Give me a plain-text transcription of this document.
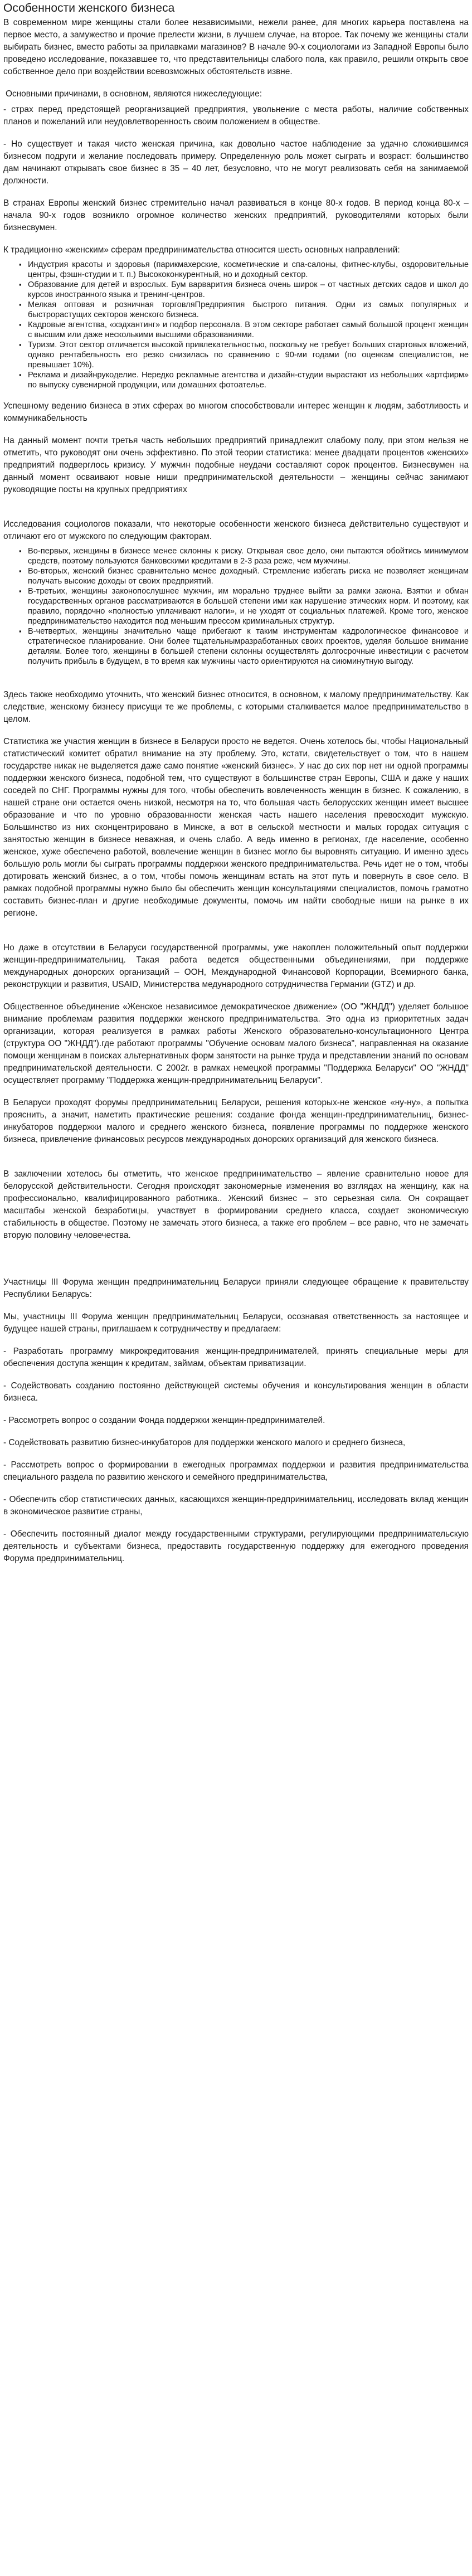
Особенности женского бизнеса

В современном мире женщины стали более независимыми, нежели ранее, для многих карьера поставлена на первое место, а замужество и прочие прелести жизни, в лучшем случае, на второе. Так почему же женщины стали выбирать бизнес, вместо работы за прилавками магазинов? В начале 90-х социологами из Западной Европы было проведено исследование, показавшее то, что представительницы слабого пола, как правило, решили открыть свое собственное дело при воздействии всевозможных обстоятельств извне.

Основными причинами, в основном, являются нижеследующие:

- страх перед предстоящей реорганизацией предприятия, увольнение с места работы, наличие собственных планов и пожеланий или неудовлетворенность своим положением в обществе.

- Но существует и такая чисто женская причина, как довольно частое наблюдение за удачно сложившимся бизнесом подруги и желание последовать примеру. Определенную роль может сыграть и возраст: большинство дам начинают открывать свое бизнес в 35 – 40 лет, безусловно, что не могут реализовать себя на занимаемой должности.

В странах Европы женский бизнес стремительно начал развиваться в конце 80-х годов. В период конца 80-х – начала 90-х годов возникло огромное количество женских предприятий, руководителями которых были бизнесвумен.

К традиционно «женским» сферам предпринимательства относится шесть основных направлений:

▪ Индустрия красоты и здоровья (парикмахерские, косметические и спа-салоны, фитнес-клубы, оздоровительные центры, фэшн-студии и т. п.) Высококонкурентный, но и доходный сектор.
▪ Образование для детей и взрослых. Бум варварития бизнеса очень широк – от частных детских садов и школ до курсов иностранного языка и тренинг-центров.
▪ Мелкая оптовая и розничная торговляПредприятия быстрого питания. Одни из самых популярных и быстрорастущих секторов женского бизнеса.
▪ Кадровые агентства, «хэдхантинг» и подбор персонала. В этом секторе работает самый большой процент женщин с высшим или даже несколькими высшими образованиями.
▪ Туризм. Этот сектор отличается высокой привлекательностью, поскольку не требует больших стартовых вложений, однако рентабельность его резко снизилась по сравнению с 90-ми годами (по оценкам специалистов, не превышает 10%).
▪ Реклама и дизайнрукоделие. Нередко рекламные агентства и дизайн-студии вырастают из небольших «артфирм» по выпуску сувенирной продукции, или домашних фотоателье.

Успешному ведению бизнеса в этих сферах во многом способствовали интерес женщин к людям, заботливость и коммуникабельность

На данный момент почти третья часть небольших предприятий принадлежит слабому полу, при этом нельзя не отметить, что руководят они очень эффективно. По этой теории статистика: менее двадцати процентов «женских» предприятий подверглось кризису. У мужчин подобные неудачи составляют сорок процентов. Бизнесвумен на данный момент осваивают новые ниши предпринимательской деятельности – женщины сейчас занимают руководящие посты на крупных предприятиях

Исследования социологов показали, что некоторые особенности женского бизнеса действительно существуют и отличают его от мужского по следующим факторам.

▪ Во-первых, женщины в бизнесе менее склонны к риску. Открывая свое дело, они пытаются обойтись минимумом средств, поэтому пользуются банковскими кредитами в 2-3 раза реже, чем мужчины.
▪ Во-вторых, женский бизнес сравнительно менее доходный. Стремление избегать риска не позволяет женщинам получать высокие доходы от своих предприятий.
▪ В-третьих, женщины законопослушнее мужчин, им морально труднее выйти за рамки закона. Взятки и обман государственных органов рассматриваются в большей степени ими как нарушение этических норм. И поэтому, как правило, порядочно «полностью уплачивают налоги», и не уходят от социальных платежей. Кроме того, женское предпринимательство находится под меньшим прессом криминальных структур.
▪ В-четвертых, женщины значительно чаще прибегают к таким инструментам кадрологическое финансовое и стратегическое планирование. Они более тщательнымразработанных своих проектов, уделяя большое внимание деталям. Более того, женщины в большей степени склонны осуществлять долгосрочные инвестиции с расчетом получить прибыль в будущем, в то время как мужчины часто ориентируются на сиюминутную выгоду.

Здесь также необходимо уточнить, что женский бизнес относится, в основном, к малому предпринимательству. Как следствие, женскому бизнесу присущи те же проблемы, с которыми сталкивается малое предпринимательство в целом.

Статистика же участия женщин в бизнесе в Беларуси просто не ведется. Очень хотелось бы, чтобы Национальный статистический комитет обратил внимание на эту проблему. Это, кстати, свидетельствует о том, что в нашем государстве никак не выделяется даже само понятие «женский бизнес». У нас до сих пор нет ни одной программы поддержки женского бизнеса, подобной тем, что существуют в большинстве стран Европы, США и даже у наших соседей по СНГ. Программы нужны для того, чтобы обеспечить вовлеченность женщин в бизнес. К сожалению, в нашей стране они остается очень низкой, несмотря на то, что большая часть белорусских женщин имеет высшее образование и что по уровню образованности женская часть нашего населения превосходит мужскую. Большинство из них сконцентрировано в Минске, а вот в сельской местности и малых городах ситуация с занятостью женщин в бизнесе неважная, и очень слабо. А ведь именно в регионах, где население, особенно женское, хуже обеспечено работой, вовлечение женщин в бизнес могло бы выровнять ситуацию. И именно здесь большую роль могли бы сыграть программы поддержки женского предпринимательства. Речь идет не о том, чтобы дотировать женский бизнес, а о том, чтобы помочь женщинам встать на этот путь и повернуть в свое село. В рамках подобной программы нужно было бы обеспечить женщин консультациями специалистов, помочь грамотно составить бизнес-план и другие необходимые документы, помочь им найти свободные ниши на рынке в их регионе.

Но даже в отсутствии в Беларуси государственной программы, уже накоплен положительный опыт поддержки женщин-предпринимательниц. Такая работа ведется общественными объединениями, при поддержке международных донорских организаций – ООН, Международной Финансовой Корпорации, Всемирного банка, реконструкции и развития, USAID, Министерства медународного сотрудничества Германии (GTZ) и др.

Общественное объединение «Женское независимое демократическое движение» (ОО "ЖНДД") уделяет большое внимание проблемам развития поддержки женского предпринимательства. Это одна из приоритетных задач организации, которая реализуется в рамках работы Женского образовательно-консультационного Центра (структура ОО "ЖНДД").где работают программы "Обучение основам малого бизнеса", направленная на оказание помощи женщинам в поисках альтернативных форм занятости на рынке труда и представлении знаний по основам предпринимательской деятельности. С 2002г. в рамках немецкой программы "Поддержка Беларуси" ОО "ЖНДД" осуществляет программу "Поддержка женщин-предпринимательниц Беларуси".

В Беларуси проходят форумы предпринимательниц Беларуси, решения которых-не женское «ну-ну», а попытка прояснить, а значит, наметить практические решения: создание фонда женщин-предпринимательниц, бизнес-инкубаторов поддержки малого и среднего женского бизнеса, появление программы по поддержке женского бизнеса, привлечение финансовых ресурсов международных донорских организаций для женского бизнеса.

В заключении хотелось бы отметить, что женское предпринимательство – явление сравнительно новое для белорусской действительности. Сегодня происходят закономерные изменения во взглядах на женщину, как на профессионально, квалифицированного работника.. Женский бизнес – это серьезная сила. Он сокращает масштабы женской безработицы, участвует в формировании среднего класса, создает экономическую стабильность в обществе. Поэтому не замечать этого бизнеса, а также его проблем – все равно, что не замечать вторую половину человечества.

Участницы III Форума женщин предпринимательниц Беларуси приняли следующее обращение к правительству Республики Беларусь:

Мы, участницы III Форума женщин предпринимательниц Беларуси, осознавая ответственность за настоящее и будущее нашей страны, приглашаем к сотрудничеству и предлагаем:

- Разработать программу микрокредитования женщин-предпринимателей, принять специальные меры для обеспечения доступа женщин к кредитам, займам, объектам приватизации.

- Содействовать созданию постоянно действующей системы обучения и консультирования женщин в области бизнеса.

- Рассмотреть вопрос о создании Фонда поддержки женщин-предпринимателей.

- Содействовать развитию бизнес-инкубаторов для поддержки женского малого и среднего бизнеса,

- Рассмотреть вопрос о формировании в ежегодных программах поддержки и развития предпринимательства специального раздела по развитию женского и семейного предпринимательства,

- Обеспечить сбор статистических данных, касающихся женщин-предпринимательниц, исследовать вклад женщин в экономическое развитие страны,

- Обеспечить постоянный диалог между государственными структурами, регулирующими предпринимательскую деятельность и субъектами бизнеса, предоставить государственную поддержку для ежегодного проведения Форума предпринимательниц.
